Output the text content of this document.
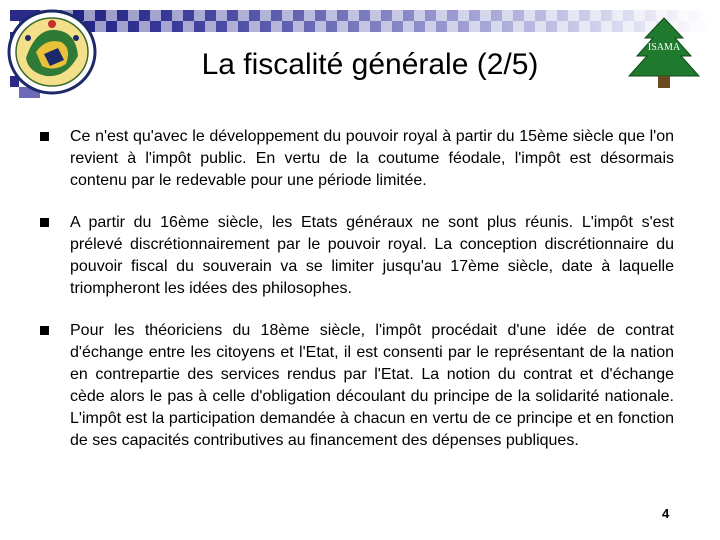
ISAMA
La fiscalité générale (2/5)
Ce n'est qu'avec le développement du pouvoir royal à partir du 15ème siècle que l'on revient à l'impôt public. En vertu de la coutume féodale, l'impôt est désormais contenu par le redevable pour une période limitée.
A partir du 16ème siècle, les Etats généraux ne sont plus réunis. L'impôt s'est prélevé discrétionnairement par le pouvoir royal. La conception discrétionnaire du pouvoir fiscal du souverain va se limiter jusqu'au 17ème siècle, date à laquelle triompheront les idées des philosophes.
Pour les théoriciens du 18ème siècle, l'impôt procédait d'une idée de contrat d'échange entre les citoyens et l'Etat, il est consenti par le représentant de la nation en contrepartie des services rendus par l'Etat. La notion du contrat et d'échange cède alors le pas à celle d'obligation découlant du principe de la solidarité nationale. L'impôt est la participation demandée à chacun en vertu de ce principe et en fonction de ses capacités contributives au financement des dépenses publiques.
4
